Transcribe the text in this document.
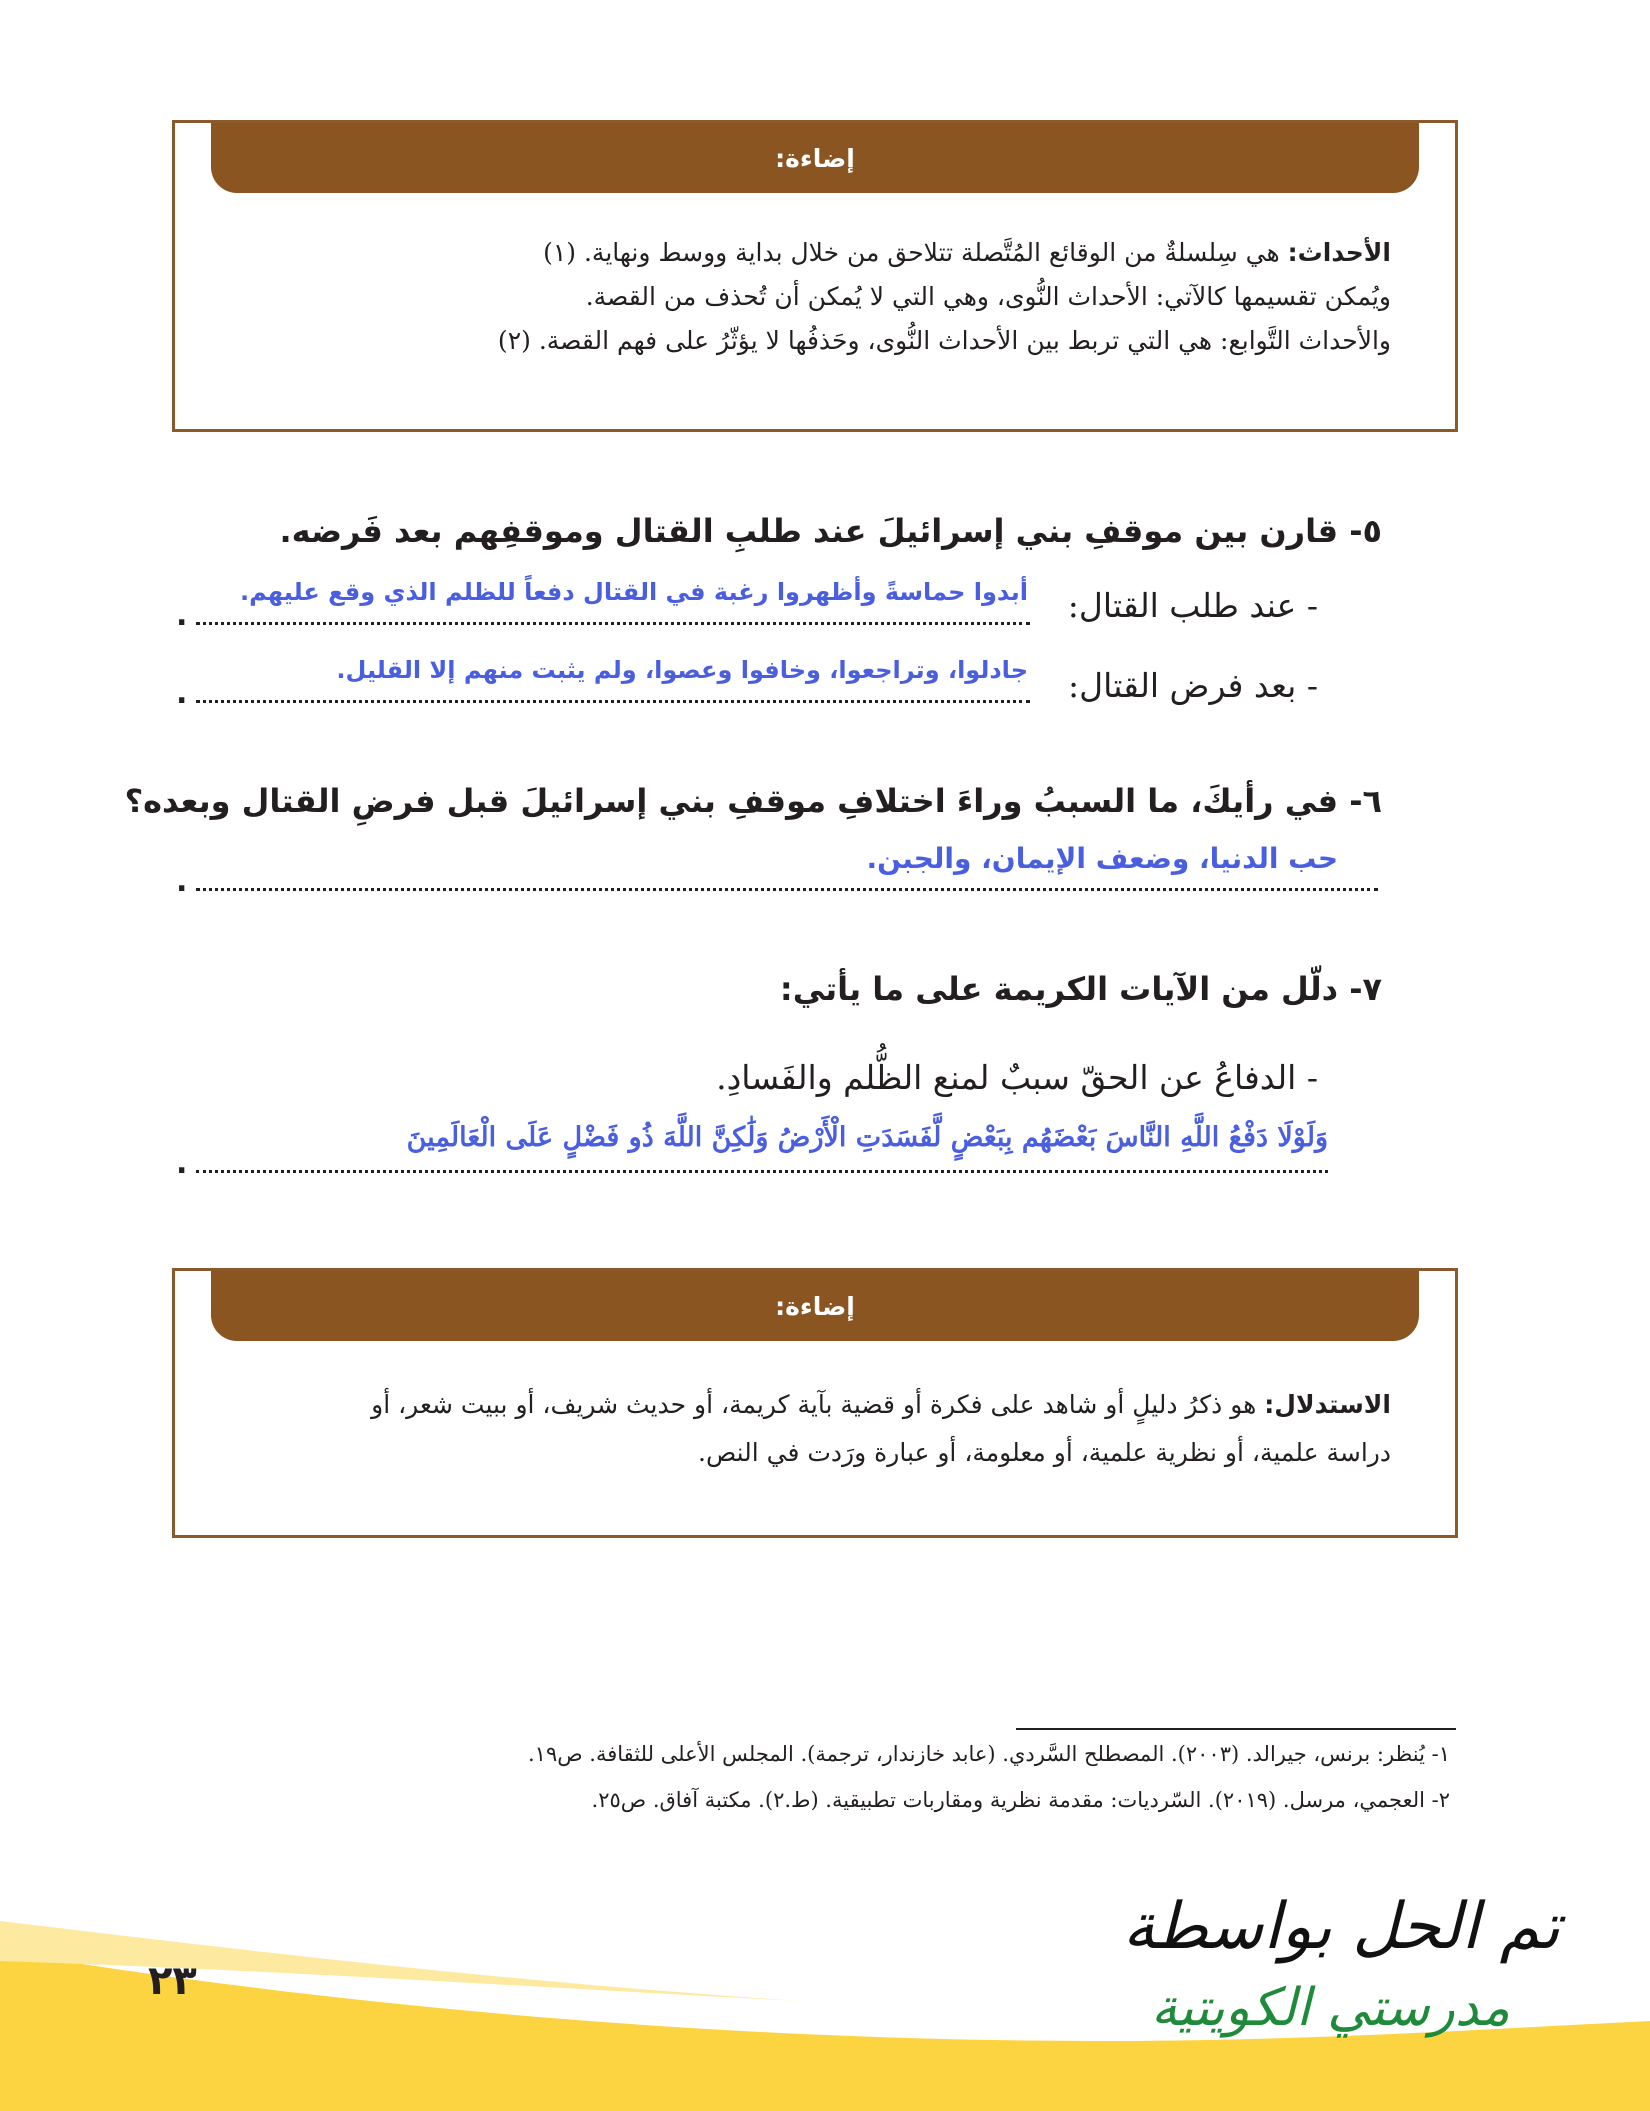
إضاءة:
الأحداث: هي سِلسلةٌ من الوقائع المُتَّصلة تتلاحق من خلال بداية ووسط ونهاية. (١)
ويُمكن تقسيمها كالآتي: الأحداث النُّوى، وهي التي لا يُمكن أن تُحذف من القصة.
والأحداث التَّوابع: هي التي تربط بين الأحداث النُّوى، وحَذفُها لا يؤثّرُ على فهم القصة. (٢)
٥- قارن بين موقفِ بني إسرائيلَ عند طلبِ القتال وموقفِهم بعد فَرضه.
- عند طلب القتال:
أبدوا حماسةً وأظهروا رغبة في القتال دفعاً للظلم الذي وقع عليهم.
.
- بعد فرض القتال:
جادلوا، وتراجعوا، وخافوا وعصوا، ولم يثبت منهم إلا القليل.
.
٦- في رأيكَ، ما السببُ وراءَ اختلافِ موقفِ بني إسرائيلَ قبل فرضِ القتال وبعده؟
حب الدنيا، وضعف الإيمان، والجبن.
.
٧- دلّل من الآيات الكريمة على ما يأتي:
- الدفاعُ عن الحقّ سببٌ لمنع الظُّلم والفَسادِ.
وَلَوْلَا دَفْعُ اللَّهِ النَّاسَ بَعْضَهُم بِبَعْضٍ لَّفَسَدَتِ الْأَرْضُ وَلَٰكِنَّ اللَّهَ ذُو فَضْلٍ عَلَى الْعَالَمِينَ
.
إضاءة:
الاستدلال: هو ذكرُ دليلٍ أو شاهد على فكرة أو قضية بآية كريمة، أو حديث شريف، أو ببيت شعر، أو
دراسة علمية، أو نظرية علمية، أو معلومة، أو عبارة ورَدت في النص.
١- يُنظر: برنس، جيرالد. (٢٠٠٣). المصطلح السَّردي. (عابد خازندار، ترجمة). المجلس الأعلى للثقافة. ص١٩.
٢- العجمي، مرسل. (٢٠١٩). السّرديات: مقدمة نظرية ومقاربات تطبيقية. (ط.٢). مكتبة آفاق. ص٢٥.
٢٣
تم الحل بواسطة
مدرستي الكويتية
